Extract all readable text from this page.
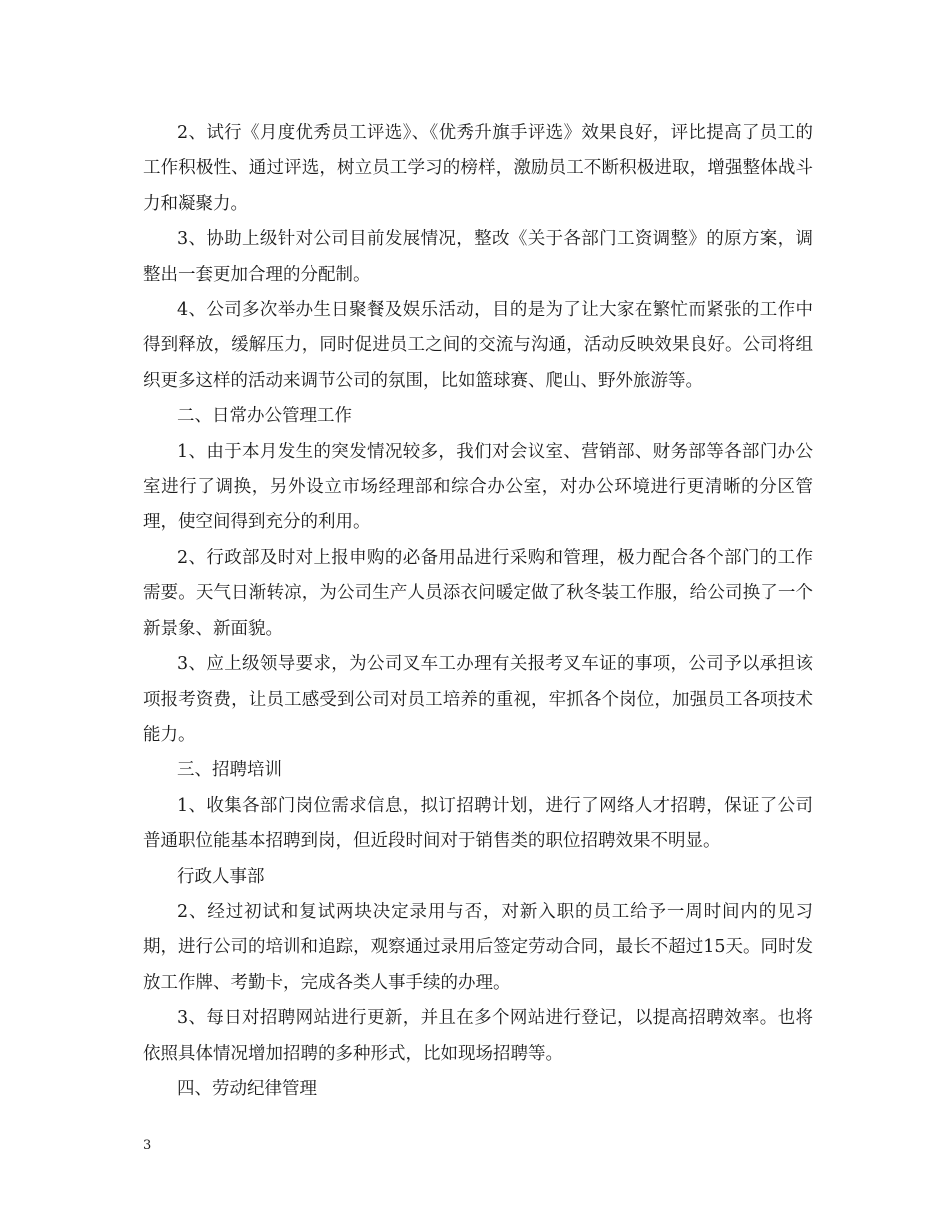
2、试行《月度优秀员工评选》、《优秀升旗手评选》效果良好，评比提高了员工的工作积极性、通过评选，树立员工学习的榜样，激励员工不断积极进取，增强整体战斗力和凝聚力。

3、协助上级针对公司目前发展情况，整改《关于各部门工资调整》的原方案，调整出一套更加合理的分配制。

4、公司多次举办生日聚餐及娱乐活动，目的是为了让大家在繁忙而紧张的工作中得到释放，缓解压力，同时促进员工之间的交流与沟通，活动反映效果良好。公司将组织更多这样的活动来调节公司的氛围，比如篮球赛、爬山、野外旅游等。

二、日常办公管理工作

1、由于本月发生的突发情况较多，我们对会议室、营销部、财务部等各部门办公室进行了调换，另外设立市场经理部和综合办公室，对办公环境进行更清晰的分区管理，使空间得到充分的利用。

2、行政部及时对上报申购的必备用品进行采购和管理，极力配合各个部门的工作需要。天气日渐转凉，为公司生产人员添衣问暖定做了秋冬装工作服，给公司换了一个新景象、新面貌。

3、应上级领导要求，为公司叉车工办理有关报考叉车证的事项，公司予以承担该项报考资费，让员工感受到公司对员工培养的重视，牢抓各个岗位，加强员工各项技术能力。

三、招聘培训

1、收集各部门岗位需求信息，拟订招聘计划，进行了网络人才招聘，保证了公司普通职位能基本招聘到岗，但近段时间对于销售类的职位招聘效果不明显。

行政人事部

2、经过初试和复试两块决定录用与否，对新入职的员工给予一周时间内的见习期，进行公司的培训和追踪，观察通过录用后签定劳动合同，最长不超过15天。同时发放工作牌、考勤卡，完成各类人事手续的办理。

3、每日对招聘网站进行更新，并且在多个网站进行登记，以提高招聘效率。也将依照具体情况增加招聘的多种形式，比如现场招聘等。

四、劳动纪律管理

3
